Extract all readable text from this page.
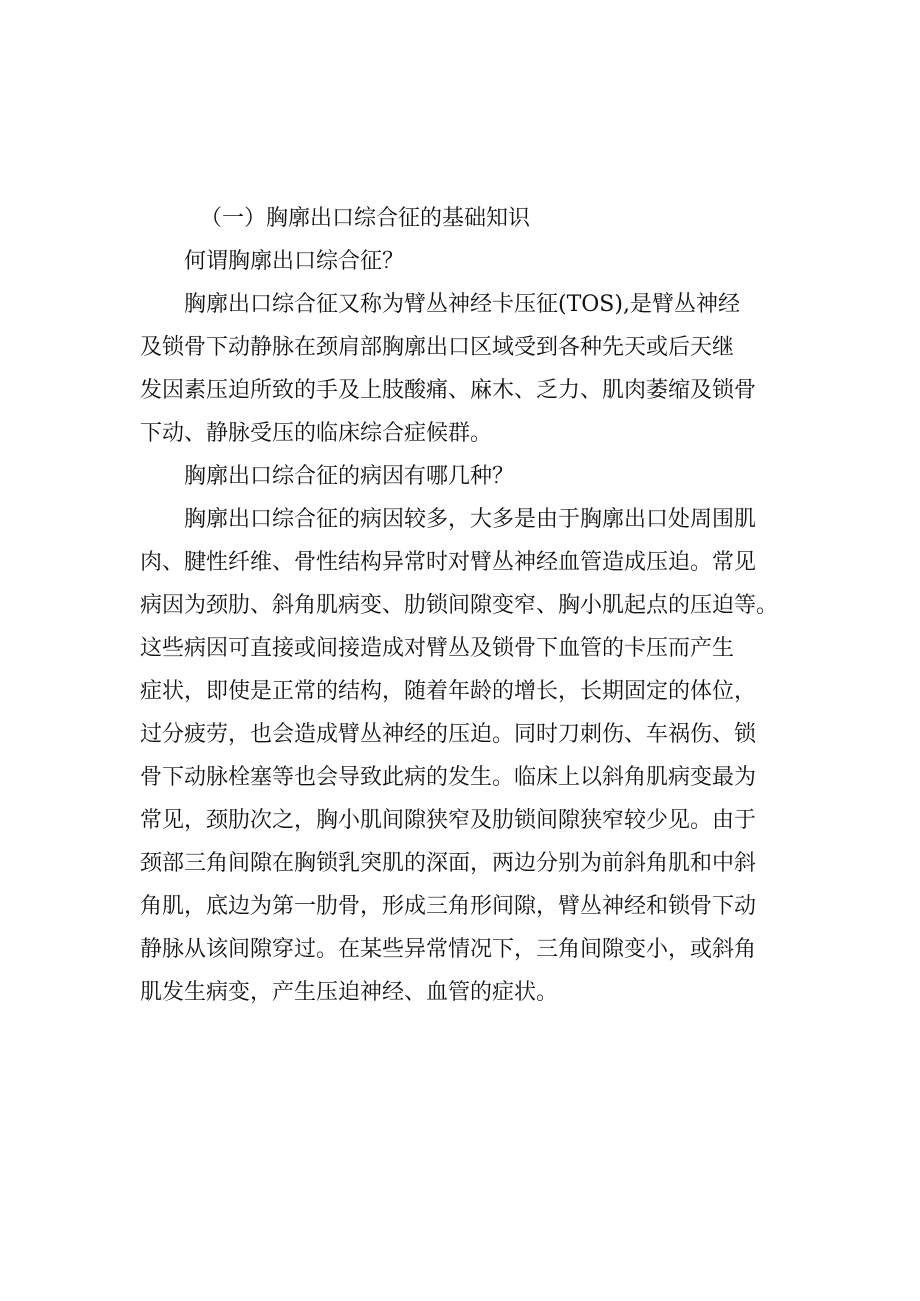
（一）胸廓出口综合征的基础知识
何谓胸廓出口综合征？
胸廓出口综合征又称为臂丛神经卡压征(TOS),是臂丛神经
及锁骨下动静脉在颈肩部胸廓出口区域受到各种先天或后天继
发因素压迫所致的手及上肢酸痛、麻木、乏力、肌肉萎缩及锁骨
下动、静脉受压的临床综合症候群。
胸廓出口综合征的病因有哪几种？
胸廓出口综合征的病因较多，大多是由于胸廓出口处周围肌
肉、腱性纤维、骨性结构异常时对臂丛神经血管造成压迫。常见
病因为颈肋、斜角肌病变、肋锁间隙变窄、胸小肌起点的压迫等。
这些病因可直接或间接造成对臂丛及锁骨下血管的卡压而产生
症状，即使是正常的结构，随着年龄的增长，长期固定的体位，
过分疲劳，也会造成臂丛神经的压迫。同时刀刺伤、车祸伤、锁
骨下动脉栓塞等也会导致此病的发生。临床上以斜角肌病变最为
常见，颈肋次之，胸小肌间隙狭窄及肋锁间隙狭窄较少见。由于
颈部三角间隙在胸锁乳突肌的深面，两边分别为前斜角肌和中斜
角肌，底边为第一肋骨，形成三角形间隙，臂丛神经和锁骨下动
静脉从该间隙穿过。在某些异常情况下，三角间隙变小，或斜角
肌发生病变，产生压迫神经、血管的症状。
